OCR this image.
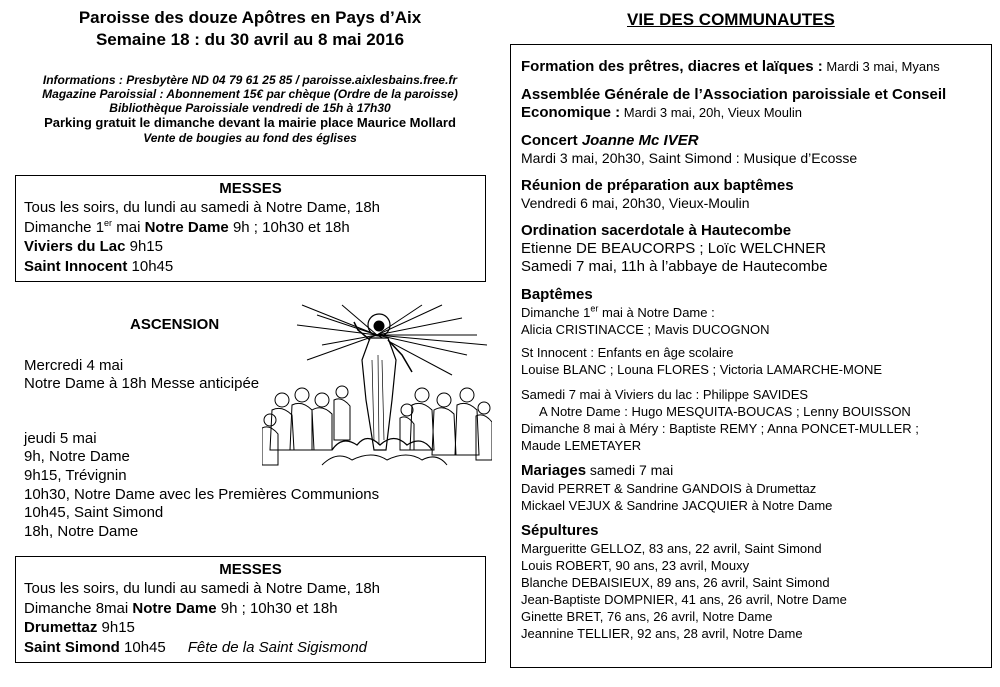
Paroisse des douze Apôtres en Pays d’Aix
Semaine 18 : du 30 avril au 8 mai 2016
Informations : Presbytère ND 04 79 61 25 85 / paroisse.aixlesbains.free.fr
Magazine Paroissial : Abonnement 15€ par chèque (Ordre de la paroisse)
Bibliothèque Paroissiale vendredi de 15h à 17h30
Parking gratuit le dimanche devant la mairie place Maurice Mollard
Vente de bougies au fond des églises
MESSES
Tous les soirs, du lundi au samedi à Notre Dame, 18h
Dimanche 1er mai Notre Dame 9h ; 10h30 et 18h
Viviers du Lac 9h15
Saint Innocent 10h45
ASCENSION
Mercredi 4 mai
Notre Dame à 18h Messe anticipée
jeudi 5 mai
9h, Notre Dame
9h15, Trévignin
10h30, Notre Dame avec les Premières Communions
10h45, Saint Simond
18h, Notre Dame
MESSES
Tous les soirs, du lundi au samedi à Notre Dame, 18h
Dimanche 8mai Notre Dame 9h ; 10h30 et 18h
Drumettaz 9h15
Saint Simond 10h45 Fête de la Saint Sigismond
VIE DES COMMUNAUTES
Formation des prêtres, diacres et laïques : Mardi 3 mai, Myans
Assemblée Générale de l’Association paroissiale et Conseil
Economique : Mardi 3 mai, 20h, Vieux Moulin
Concert Joanne Mc IVER
Mardi 3 mai, 20h30, Saint Simond : Musique d’Ecosse
Réunion de préparation aux baptêmes
Vendredi 6 mai, 20h30, Vieux-Moulin
Ordination sacerdotale à Hautecombe
Etienne DE BEAUCORPS ; Loïc WELCHNER
Samedi 7 mai, 11h à l’abbaye de Hautecombe
Baptêmes
Dimanche 1er mai à Notre Dame :
Alicia CRISTINACCE ; Mavis DUCOGNON
St Innocent : Enfants en âge scolaire
Louise BLANC ; Louna FLORES ; Victoria LAMARCHE-MONE
Samedi 7 mai à Viviers du lac : Philippe SAVIDES
A Notre Dame : Hugo MESQUITA-BOUCAS ; Lenny BOUISSON
Dimanche 8 mai à Méry : Baptiste REMY ; Anna PONCET-MULLER ;
Maude LEMETAYER
Mariages samedi 7 mai
David PERRET & Sandrine GANDOIS à Drumettaz
Mickael VEJUX & Sandrine JACQUIER à Notre Dame
Sépultures
Margueritte GELLOZ, 83 ans, 22 avril, Saint Simond
Louis ROBERT, 90 ans, 23 avril, Mouxy
Blanche DEBAISIEUX, 89 ans, 26 avril, Saint Simond
Jean-Baptiste DOMPNIER, 41 ans, 26 avril, Notre Dame
Ginette BRET, 76 ans, 26 avril, Notre Dame
Jeannine TELLIER, 92 ans, 28 avril, Notre Dame
